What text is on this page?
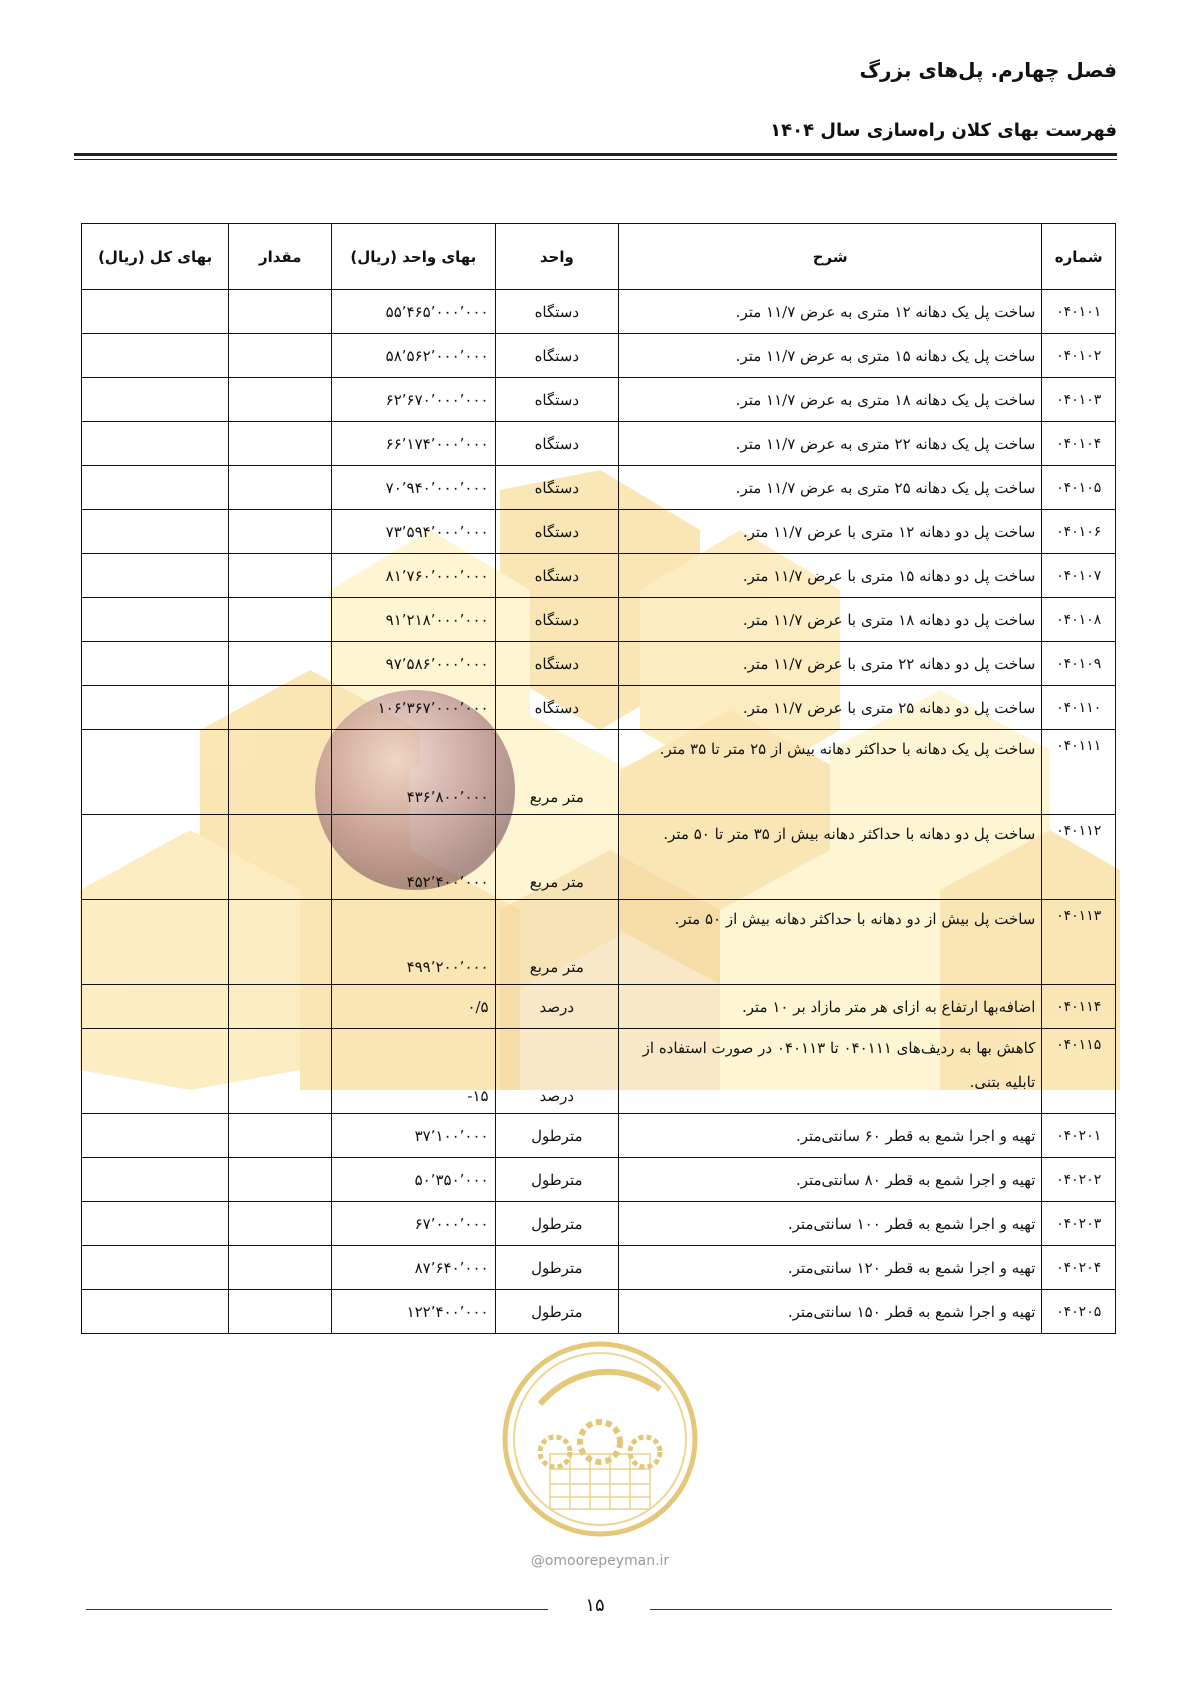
فصل چهارم. پل‌های بزرگ
فهرست بهای کلان راه‌سازی سال ۱۴۰۴
شماره	شرح	واحد	بهای واحد (ریال)	مقدار	بهای کل (ریال)
۰۴۰۱۰۱	ساخت پل یک دهانه ۱۲ متری به عرض ۱۱/۷ متر.	دستگاه	۵۵٬۴۶۵٬۰۰۰٬۰۰۰		
۰۴۰۱۰۲	ساخت پل یک دهانه ۱۵ متری به عرض ۱۱/۷ متر.	دستگاه	۵۸٬۵۶۲٬۰۰۰٬۰۰۰		
۰۴۰۱۰۳	ساخت پل یک دهانه ۱۸ متری به عرض ۱۱/۷ متر.	دستگاه	۶۲٬۶۷۰٬۰۰۰٬۰۰۰		
۰۴۰۱۰۴	ساخت پل یک دهانه ۲۲ متری به عرض ۱۱/۷ متر.	دستگاه	۶۶٬۱۷۴٬۰۰۰٬۰۰۰		
۰۴۰۱۰۵	ساخت پل یک دهانه ۲۵ متری به عرض ۱۱/۷ متر.	دستگاه	۷۰٬۹۴۰٬۰۰۰٬۰۰۰		
۰۴۰۱۰۶	ساخت پل دو دهانه ۱۲ متری با عرض ۱۱/۷ متر.	دستگاه	۷۳٬۵۹۴٬۰۰۰٬۰۰۰		
۰۴۰۱۰۷	ساخت پل دو دهانه ۱۵ متری با عرض ۱۱/۷ متر.	دستگاه	۸۱٬۷۶۰٬۰۰۰٬۰۰۰		
۰۴۰۱۰۸	ساخت پل دو دهانه ۱۸ متری با عرض ۱۱/۷ متر.	دستگاه	۹۱٬۲۱۸٬۰۰۰٬۰۰۰		
۰۴۰۱۰۹	ساخت پل دو دهانه ۲۲ متری با عرض ۱۱/۷ متر.	دستگاه	۹۷٬۵۸۶٬۰۰۰٬۰۰۰		
۰۴۰۱۱۰	ساخت پل دو دهانه ۲۵ متری با عرض ۱۱/۷ متر.	دستگاه	۱۰۶٬۳۶۷٬۰۰۰٬۰۰۰		
۰۴۰۱۱۱	ساخت پل یک دهانه با حداکثر دهانه بیش از ۲۵ متر تا ۳۵ متر.	متر مربع	۴۳۶٬۸۰۰٬۰۰۰		
۰۴۰۱۱۲	ساخت پل دو دهانه با حداکثر دهانه بیش از ۳۵ متر تا ۵۰ متر.	متر مربع	۴۵۲٬۴۰۰٬۰۰۰		
۰۴۰۱۱۳	ساخت پل بیش از دو دهانه با حداکثر دهانه بیش از ۵۰ متر.	متر مربع	۴۹۹٬۲۰۰٬۰۰۰		
۰۴۰۱۱۴	اضافه‌بها ارتفاع به ازای هر متر مازاد بر ۱۰ متر.	درصد	۰/۵		
۰۴۰۱۱۵	کاهش بها به ردیف‌های ۰۴۰۱۱۱ تا ۰۴۰۱۱۳ در صورت استفاده از تابلیه بتنی.	درصد	-۱۵		
۰۴۰۲۰۱	تهیه و اجرا شمع به قطر ۶۰ سانتی‌متر.	مترطول	۳۷٬۱۰۰٬۰۰۰		
۰۴۰۲۰۲	تهیه و اجرا شمع به قطر ۸۰ سانتی‌متر.	مترطول	۵۰٬۳۵۰٬۰۰۰		
۰۴۰۲۰۳	تهیه و اجرا شمع به قطر ۱۰۰ سانتی‌متر.	مترطول	۶۷٬۰۰۰٬۰۰۰		
۰۴۰۲۰۴	تهیه و اجرا شمع به قطر ۱۲۰ سانتی‌متر.	مترطول	۸۷٬۶۴۰٬۰۰۰		
۰۴۰۲۰۵	تهیه و اجرا شمع به قطر ۱۵۰ سانتی‌متر.	مترطول	۱۲۲٬۴۰۰٬۰۰۰		
@omoorepeyman.ir
۱۵
